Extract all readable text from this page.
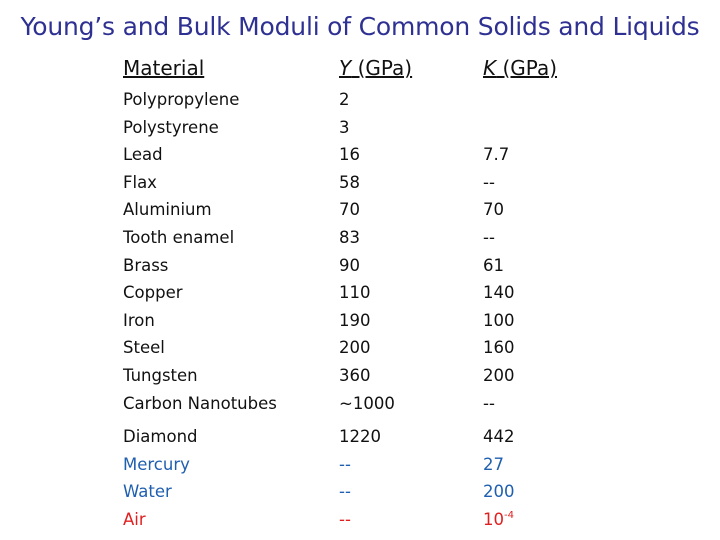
Young’s and Bulk Moduli of Common Solids and Liquids
Material	Y (GPa)	K (GPa)
Polypropylene
Polystyrene
Lead
Flax
Aluminium
Tooth enamel
Brass
Copper
Iron
Steel
Tungsten
Carbon Nanotubes
2
3
16
58
70
83
90
110
190
200
360
~1000
7.7
--
70
--
61
140
100
160
200
--
Diamond
Mercury
Water
Air
1220
--
--
--
442
27
200
$10^{-4}$
